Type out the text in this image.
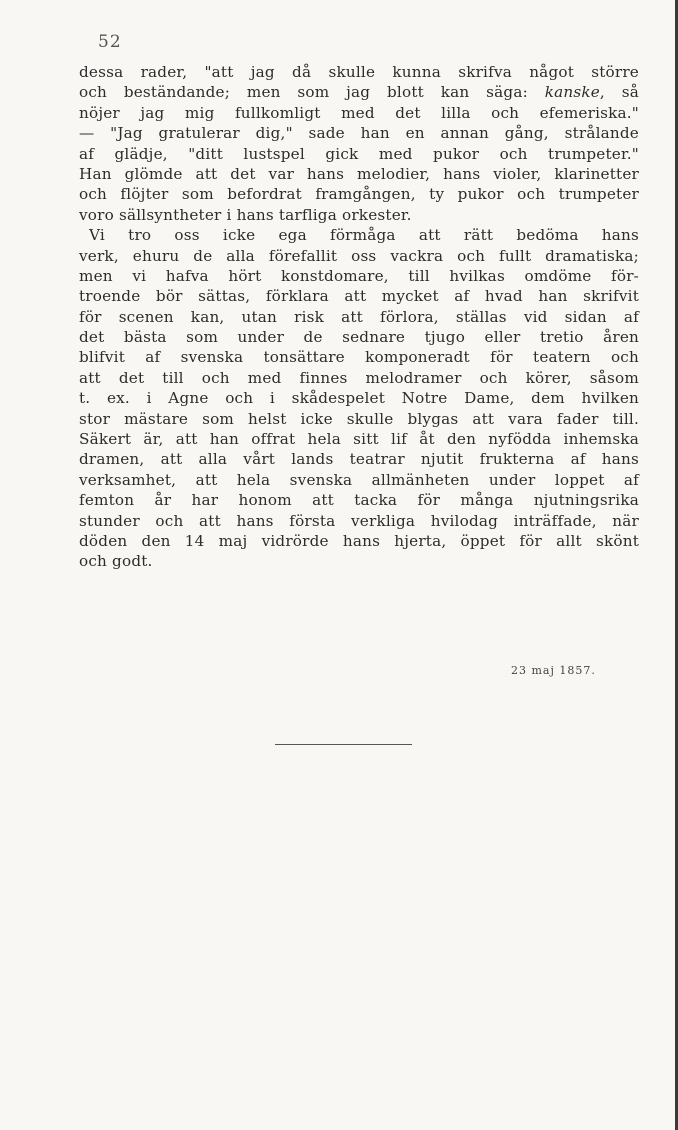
52
dessa rader, "att jag då skulle kunna skrifva något större
och beständande; men som jag blott kan säga: kanske, så
nöjer jag mig fullkomligt med det lilla och efemeriska."
— "Jag gratulerar dig," sade han en annan gång, strålande
af glädje, "ditt lustspel gick med pukor och trumpeter."
Han glömde att det var hans melodier, hans violer, klarinetter
och flöjter som befordrat framgången, ty pukor och trumpeter
voro sällsyntheter i hans tarfliga orkester.
Vi tro oss icke ega förmåga att rätt bedöma hans
verk, ehuru de alla förefallit oss vackra och fullt dramatiska;
men vi hafva hört konstdomare, till hvilkas omdöme för-
troende bör sättas, förklara att mycket af hvad han skrifvit
för scenen kan, utan risk att förlora, ställas vid sidan af
det bästa som under de sednare tjugo eller tretio åren
blifvit af svenska tonsättare komponeradt för teatern och
att det till och med finnes melodramer och körer, såsom
t. ex. i Agne och i skådespelet Notre Dame, dem hvilken
stor mästare som helst icke skulle blygas att vara fader till.
Säkert är, att han offrat hela sitt lif åt den nyfödda inhemska
dramen, att alla vårt lands teatrar njutit frukterna af hans
verksamhet, att hela svenska allmänheten under loppet af
femton år har honom att tacka för många njutningsrika
stunder och att hans första verkliga hvilodag inträffade, när
döden den 14 maj vidrörde hans hjerta, öppet för allt skönt
och godt.
23 maj 1857.
